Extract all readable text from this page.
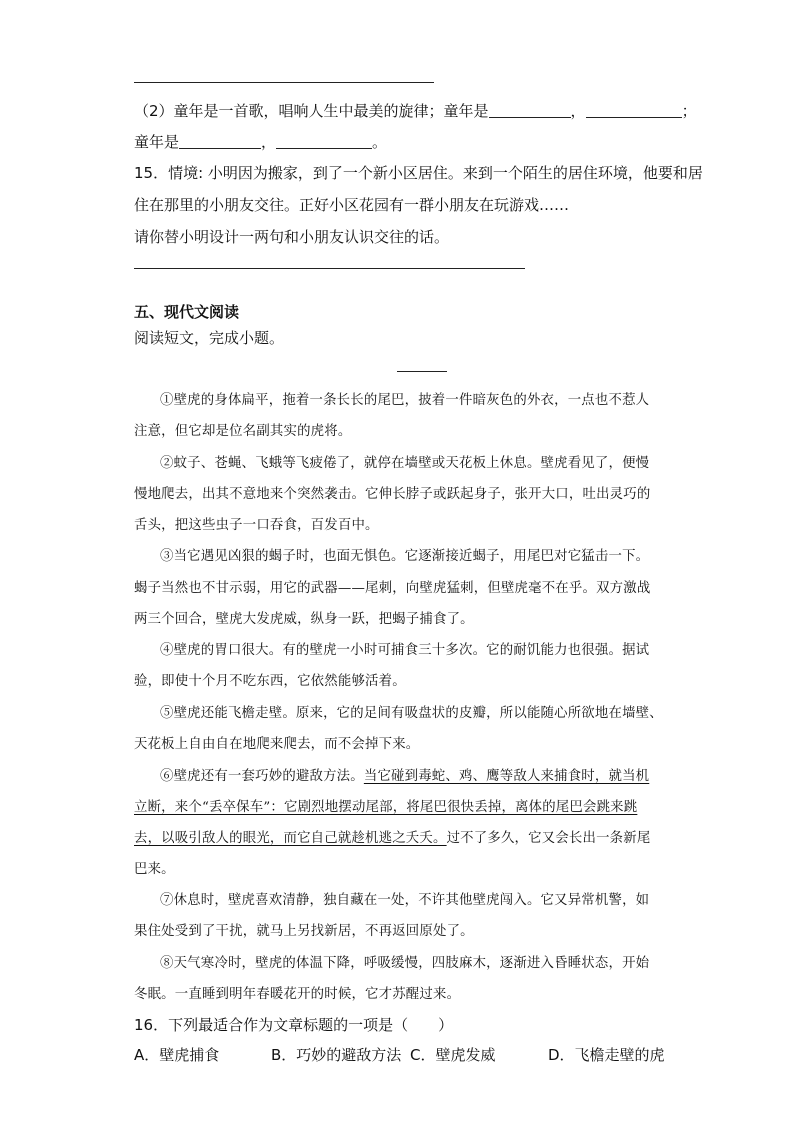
（2）童年是一首歌，唱响人生中最美的旋律；童年是	，	；
童年是	，	。
15．情境: 小明因为搬家，到了一个新小区居住。来到一个陌生的居住环境，他要和居
住在那里的小朋友交往。正好小区花园有一群小朋友在玩游戏……
请你替小明设计一两句和小朋友认识交往的话。
五、现代文阅读
阅读短文，完成小题。
①壁虎的身体扁平，拖着一条长长的尾巴，披着一件暗灰色的外衣，一点也不惹人
注意，但它却是位名副其实的虎将。
②蚊子、苍蝇、飞蛾等飞疲倦了，就停在墙壁或天花板上休息。壁虎看见了，便慢
慢地爬去，出其不意地来个突然袭击。它伸长脖子或跃起身子，张开大口，吐出灵巧的
舌头，把这些虫子一口吞食，百发百中。
③当它遇见凶狠的蝎子时，也面无惧色。它逐渐接近蝎子，用尾巴对它猛击一下。
蝎子当然也不甘示弱，用它的武器——尾刺，向壁虎猛刺，但壁虎毫不在乎。双方激战
两三个回合，壁虎大发虎威，纵身一跃，把蝎子捕食了。
④壁虎的胃口很大。有的壁虎一小时可捕食三十多次。它的耐饥能力也很强。据试
验，即使十个月不吃东西，它依然能够活着。
⑤壁虎还能飞檐走壁。原来，它的足间有吸盘状的皮瓣，所以能随心所欲地在墙壁、
天花板上自由自在地爬来爬去，而不会掉下来。
⑥壁虎还有一套巧妙的避敌方法。当它碰到毒蛇、鸡、鹰等敌人来捕食时，就当机
立断，来个“丢卒保车”：它剧烈地摆动尾部，将尾巴很快丢掉，离体的尾巴会跳来跳
去，以吸引敌人的眼光，而它自己就趁机逃之夭夭。过不了多久，它又会长出一条新尾
巴来。
⑦休息时，壁虎喜欢清静，独自藏在一处，不许其他壁虎闯入。它又异常机警，如
果住处受到了干扰，就马上另找新居，不再返回原处了。
⑧天气寒冷时，壁虎的体温下降，呼吸缓慢，四肢麻木，逐渐进入昏睡状态，开始
冬眠。一直睡到明年春暖花开的时候，它才苏醒过来。
16．下列最适合作为文章标题的一项是（　　）
A．壁虎捕食	B．巧妙的避敌方法 C．壁虎发威	D．飞檐走壁的虎
